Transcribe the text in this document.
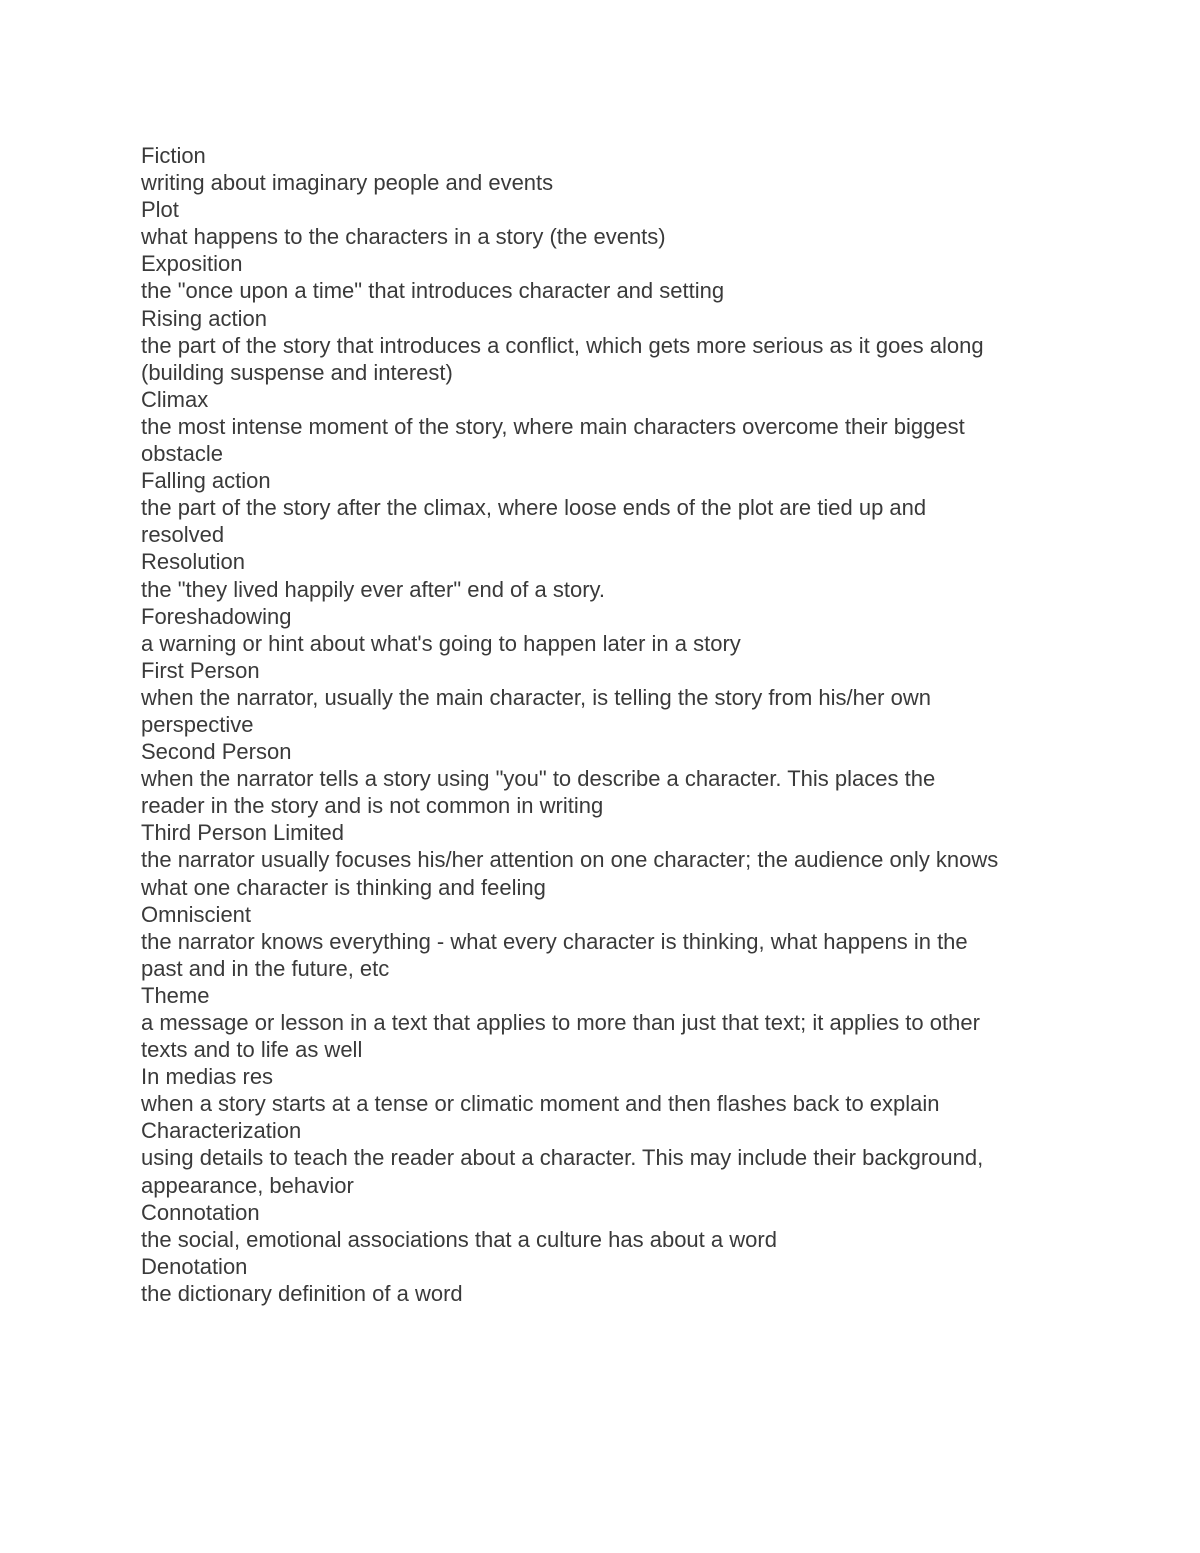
Fiction
writing about imaginary people and events
Plot
what happens to the characters in a story (the events)
Exposition
the "once upon a time" that introduces character and setting
Rising action
the part of the story that introduces a conflict, which gets more serious as it goes along
(building suspense and interest)
Climax
the most intense moment of the story, where main characters overcome their biggest
obstacle
Falling action
the part of the story after the climax, where loose ends of the plot are tied up and
resolved
Resolution
the "they lived happily ever after" end of a story.
Foreshadowing
a warning or hint about what's going to happen later in a story
First Person
when the narrator, usually the main character, is telling the story from his/her own
perspective
Second Person
when the narrator tells a story using "you" to describe a character. This places the
reader in the story and is not common in writing
Third Person Limited
the narrator usually focuses his/her attention on one character; the audience only knows
what one character is thinking and feeling
Omniscient
the narrator knows everything - what every character is thinking, what happens in the
past and in the future, etc
Theme
a message or lesson in a text that applies to more than just that text; it applies to other
texts and to life as well
In medias res
when a story starts at a tense or climatic moment and then flashes back to explain
Characterization
using details to teach the reader about a character. This may include their background,
appearance, behavior
Connotation
the social, emotional associations that a culture has about a word
Denotation
the dictionary definition of a word
